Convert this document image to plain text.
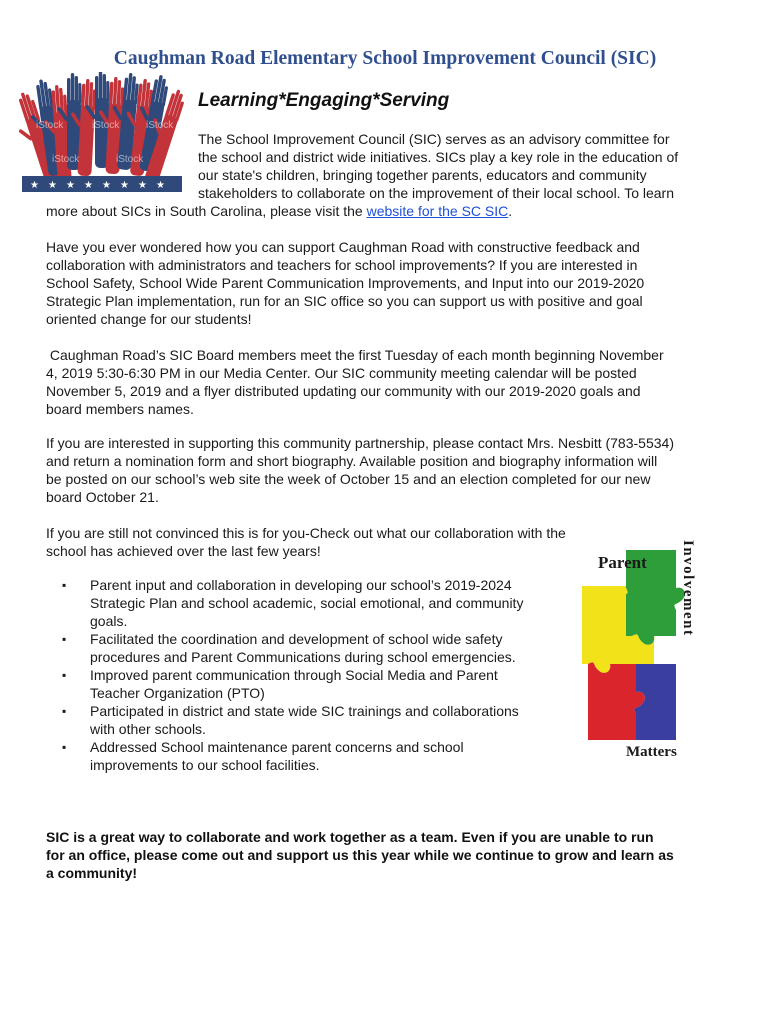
Caughman Road Elementary School Improvement Council (SIC)
★ ★ ★ ★ ★ ★ ★ ★
iStock	iStock	iStock
iStock	iStock

Learning*Engaging*Serving

The School Improvement Council (SIC) serves as an advisory committee for
the school and district wide initiatives. SICs play a key role in the education of
our state's children, bringing together parents, educators and community
stakeholders to collaborate on the improvement of their local school. To learn

more about SICs in South Carolina, please visit the website for the SC SIC.

Have you ever wondered how you can support Caughman Road with constructive feedback and
collaboration with administrators and teachers for school improvements? If you are interested in
School Safety, School Wide Parent Communication Improvements, and Input into our 2019-2020
Strategic Plan implementation, run for an SIC office so you can support us with positive and goal
oriented change for our students!

Caughman Road’s SIC Board members meet the first Tuesday of each month beginning November
4, 2019 5:30-6:30 PM in our Media Center. Our SIC community meeting calendar will be posted
November 5, 2019 and a flyer distributed updating our community with our 2019-2020 goals and
board members names.

If you are interested in supporting this community partnership, please contact Mrs. Nesbitt (783-5534)
and return a nomination form and short biography. Available position and biography information will
be posted on our school’s web site the week of October 15 and an election completed for our new
board October 21.

If you are still not convinced this is for you-Check out what our collaboration with the
school has achieved over the last few years!

▪ Parent input and collaboration in developing our school’s 2019-2024
Strategic Plan and school academic, social emotional, and community
goals.
▪ Facilitated the coordination and development of school wide safety
procedures and Parent Communications during school emergencies.
▪ Improved parent communication through Social Media and Parent
Teacher Organization (PTO)
▪ Participated in district and state wide SIC trainings and collaborations
with other schools.
▪ Addressed School maintenance parent concerns and school
improvements to our school facilities.
Parent Involvement
Matters

SIC is a great way to collaborate and work together as a team. Even if you are unable to run
for an office, please come out and support us this year while we continue to grow and learn as
a community!
